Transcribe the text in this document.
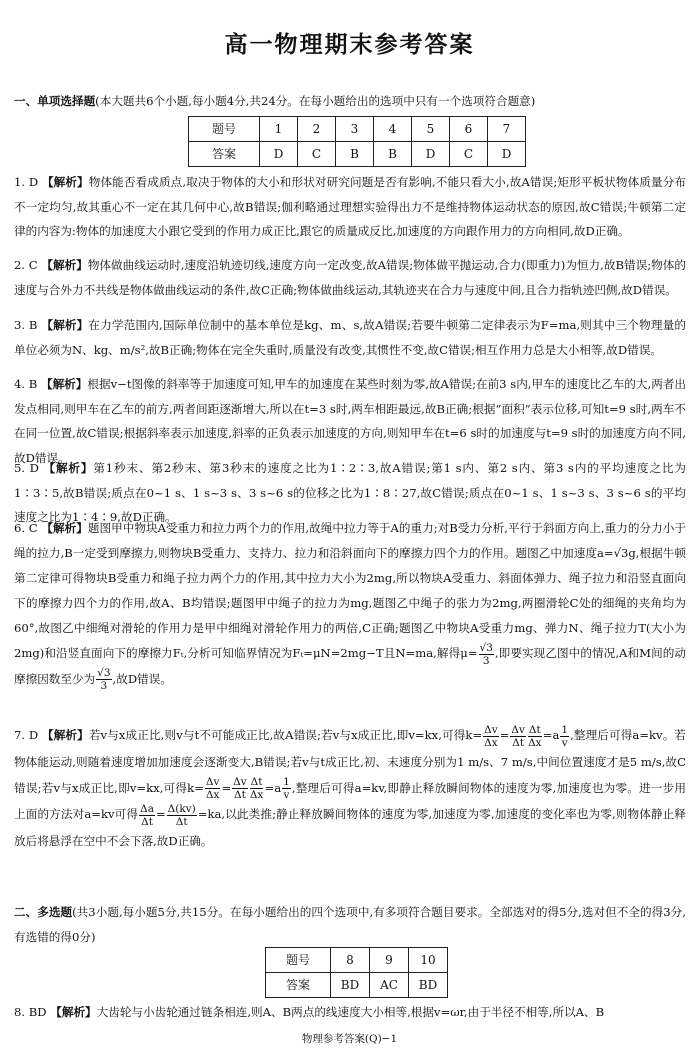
高一物理期末参考答案

一、单项选择题(本大题共6个小题,每小题4分,共24分。在每小题给出的选项中只有一个选项符合题意)

题号	1	2	3	4	5	6	7
答案	D	C	B	B	D	C	D

1. D 【解析】物体能否看成质点,取决于物体的大小和形状对研究问题是否有影响,不能只看大小,故A错误;矩形平板状物体质量分布不一定均匀,故其重心不一定在其几何中心,故B错误;伽利略通过理想实验得出力不是维持物体运动状态的原因,故C错误;牛顿第二定律的内容为:物体的加速度大小跟它受到的作用力成正比,跟它的质量成反比,加速度的方向跟作用力的方向相同,故D正确。

2. C 【解析】物体做曲线运动时,速度沿轨迹切线,速度方向一定改变,故A错误;物体做平抛运动,合力(即重力)为恒力,故B错误;物体的速度与合外力不共线是物体做曲线运动的条件,故C正确;物体做曲线运动,其轨迹夹在合力与速度中间,且合力指轨迹凹侧,故D错误。

3. B 【解析】在力学范围内,国际单位制中的基本单位是kg、m、s,故A错误;若要牛顿第二定律表示为F=ma,则其中三个物理量的单位必须为N、kg、m/s²,故B正确;物体在完全失重时,质量没有改变,其惯性不变,故C错误;相互作用力总是大小相等,故D错误。

4. B 【解析】根据v−t图像的斜率等于加速度可知,甲车的加速度在某些时刻为零,故A错误;在前3 s内,甲车的速度比乙车的大,两者出发点相同,则甲车在乙车的前方,两者间距逐渐增大,所以在t=3 s时,两车相距最远,故B正确;根据“面积”表示位移,可知t=9 s时,两车不在同一位置,故C错误;根据斜率表示加速度,斜率的正负表示加速度的方向,则知甲车在t=6 s时的加速度与t=9 s时的加速度方向不同,故D错误。

5. D 【解析】第1秒末、第2秒末、第3秒末的速度之比为1∶2∶3,故A错误;第1 s内、第2 s内、第3 s内的平均速度之比为1∶3∶5,故B错误;质点在0~1 s、1 s~3 s、3 s~6 s的位移之比为1∶8∶27,故C错误;质点在0~1 s、1 s~3 s、3 s~6 s的平均速度之比为1∶4∶9,故D正确。

6. C 【解析】题图甲中物块A受重力和拉力两个力的作用,故绳中拉力等于A的重力;对B受力分析,平行于斜面方向上,重力的分力小于绳的拉力,B一定受到摩擦力,则物块B受重力、支持力、拉力和沿斜面向下的摩擦力四个力的作用。题图乙中加速度a=√3g,根据牛顿第二定律可得物块B受重力和绳子拉力两个力的作用,其中拉力大小为2mg,所以物块A受重力、斜面体弹力、绳子拉力和沿竖直面向下的摩擦力四个力的作用,故A、B均错误;题图甲中绳子的拉力为mg,题图乙中绳子的张力为2mg,两圈滑轮C处的细绳的夹角均为60°,故图乙中细绳对滑轮的作用力是甲中细绳对滑轮作用力的两倍,C正确;题图乙中物块A受重力mg、弹力N、绳子拉力T(大小为2mg)和沿竖直面向下的摩擦力Fₜ,分析可知临界情况为Fₜ=μN=2mg−T且N=ma,解得$\mu= \frac{√3}{3}$ ,即要实现乙图中的情况,A和M间的动摩擦因数至少为 $\frac{√3}{3}$ ,故D错误。

7. D 【解析】若v与x成正比,则v与t不可能成正比,故A错误;若v与x成正比,即v=kx,可得$k= \frac{\Delta v}{\Delta x} = \frac{\Delta v}{\Delta t} \frac{\Delta t}{\Delta x} =a \frac{1}{v}$ ,整理后可得a=kv。若物体能运动,则随着速度增加加速度会逐渐变大,B错误;若v与t成正比,初、末速度分别为1 m/s、7 m/s,中间位置速度才是5 m/s,故C错误;若v与x成正比,即v=kx,可得$k= \frac{\Delta v}{\Delta x} = \frac{\Delta v}{\Delta t} \frac{\Delta t}{\Delta x} =a \frac{1}{v}$ ,整理后可得a=kv,即静止释放瞬间物体的速度为零,加速度也为零。进一步用上面的方法对a=kv可得 $\frac{\Delta a}{\Delta t} = \frac{\Delta(kv)}{\Delta t} =ka$,以此类推;静止释放瞬间物体的速度为零,加速度为零,加速度的变化率也为零,则物体静止释放后将悬浮在空中不会下落,故D正确。

二、多选题(共3小题,每小题5分,共15分。在每小题给出的四个选项中,有多项符合题目要求。全部选对的得5分,选对但不全的得3分,有选错的得0分)

题号	8	9	10
答案	BD	AC	BD

8. BD 【解析】大齿轮与小齿轮通过链条相连,则A、B两点的线速度大小相等,根据v=ωr,由于半径不相等,所以A、B

物理参考答案(Q)−1
